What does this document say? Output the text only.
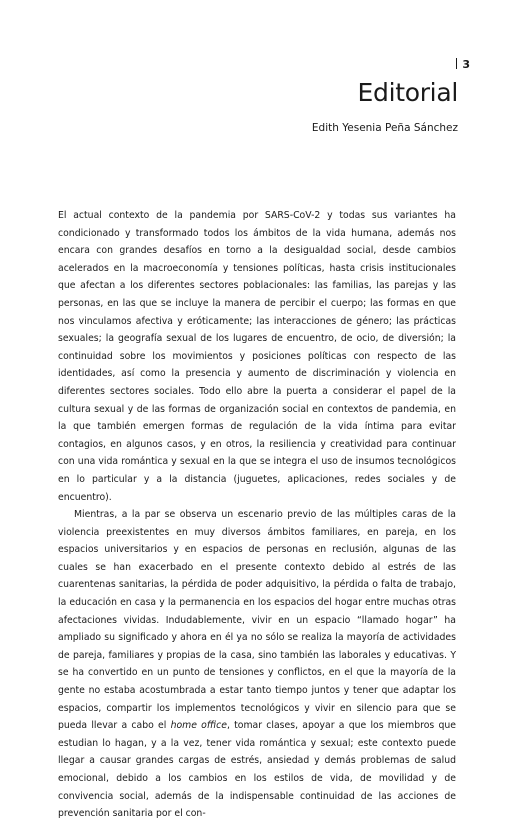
3
Editorial
Edith Yesenia Peña Sánchez

El actual contexto de la pandemia por SARS-CoV-2 y todas sus variantes ha condicionado y transformado todos los ámbitos de la vida humana, además nos encara con grandes desafíos en torno a la desigualdad social, desde cambios acelerados en la macroeconomía y tensiones políticas, hasta crisis institucionales que afectan a los diferentes sectores poblacionales: las familias, las parejas y las personas, en las que se incluye la manera de percibir el cuerpo; las formas en que nos vinculamos afectiva y eróticamente; las interacciones de género; las prácticas sexuales; la geografía sexual de los lugares de encuentro, de ocio, de diversión; la continuidad sobre los movimientos y posiciones políticas con respecto de las identidades, así como la presencia y aumento de discriminación y violencia en diferentes sectores sociales. Todo ello abre la puerta a considerar el papel de la cultura sexual y de las formas de organización social en contextos de pandemia, en la que también emergen formas de regulación de la vida íntima para evitar contagios, en algunos casos, y en otros, la resiliencia y creatividad para continuar con una vida romántica y sexual en la que se integra el uso de insumos tecnológicos en lo particular y a la distancia (juguetes, aplicaciones, redes sociales y de encuentro).

Mientras, a la par se observa un escenario previo de las múltiples caras de la violencia preexistentes en muy diversos ámbitos familiares, en pareja, en los espacios universitarios y en espacios de personas en reclusión, algunas de las cuales se han exacerbado en el presente contexto debido al estrés de las cuarentenas sanitarias, la pérdida de poder adquisitivo, la pérdida o falta de trabajo, la educación en casa y la permanencia en los espacios del hogar entre muchas otras afectaciones vividas. Indudablemente, vivir en un espacio “llamado hogar” ha ampliado su significado y ahora en él ya no sólo se realiza la mayoría de actividades de pareja, familiares y propias de la casa, sino también las laborales y educativas. Y se ha convertido en un punto de tensiones y conflictos, en el que la mayoría de la gente no estaba acostumbrada a estar tanto tiempo juntos y tener que adaptar los espacios, compartir los implementos tecnológicos y vivir en silencio para que se pueda llevar a cabo el home office, tomar clases, apoyar a que los miembros que estudian lo hagan, y a la vez, tener vida romántica y sexual; este contexto puede llegar a causar grandes cargas de estrés, ansiedad y demás problemas de salud emocional, debido a los cambios en los estilos de vida, de movilidad y de convivencia social, además de la indispensable continuidad de las acciones de prevención sanitaria por el con-
